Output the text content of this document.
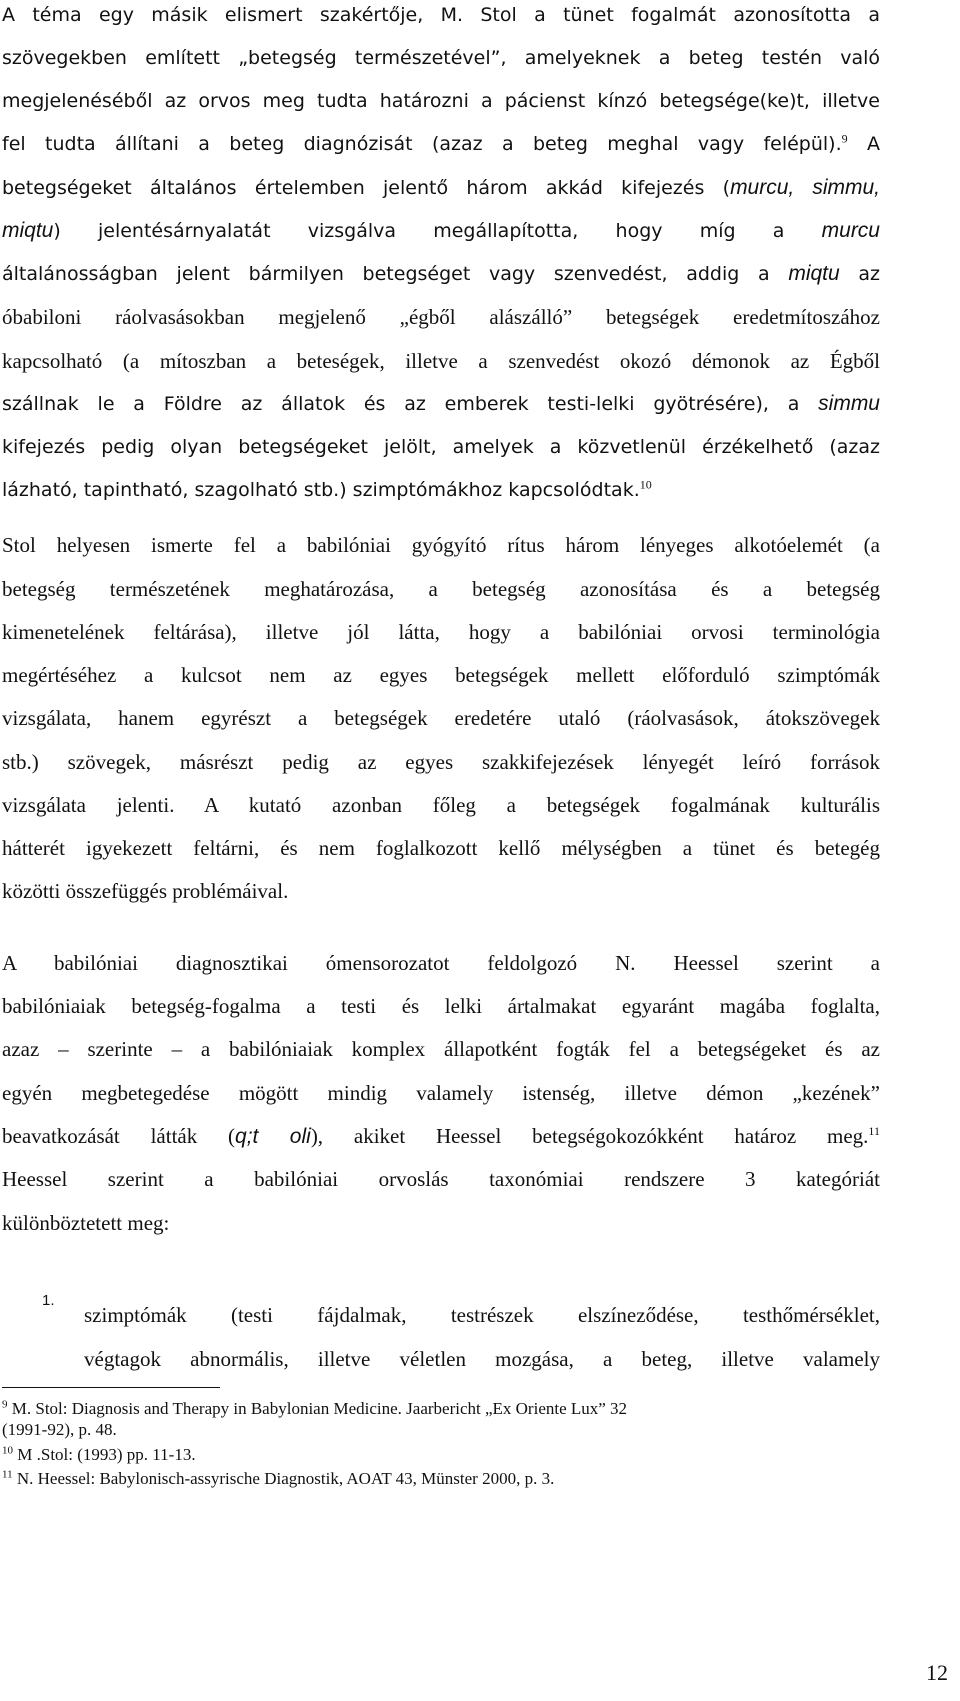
A téma egy másik elismert szakértője, M. Stol a tünet fogalmát azonosította a
szövegekben említett „betegség természetével”, amelyeknek a beteg testén való
megjelenéséből az orvos meg tudta határozni a pácienst kínzó betegsége(ke)t, illetve
fel tudta állítani a beteg diagnózisát (azaz a beteg meghal vagy felépül).$^9$ A
betegségeket általános értelemben jelentő három akkád kifejezés (murcu, simmu,
miqtu) jelentésárnyalatát vizsgálva megállapította, hogy míg a murcu
általánosságban jelent bármilyen betegséget vagy szenvedést, addig a miqtu az
óbabiloni ráolvasásokban megjelenő „égből alászálló” betegségek eredetmítoszához
kapcsolható (a mítoszban a beteségek, illetve a szenvedést okozó démonok az Égből
szállnak le a Földre az állatok és az emberek testi-lelki gyötrésére), a simmu
kifejezés pedig olyan betegségeket jelölt, amelyek a közvetlenül érzékelhető (azaz
lázható, tapintható, szagolható stb.) szimptómákhoz kapcsolódtak.$^{10}$
Stol helyesen ismerte fel a babilóniai gyógyító rítus három lényeges alkotóelemét (a
betegség természetének meghatározása, a betegség azonosítása és a betegség
kimenetelének feltárása), illetve jól látta, hogy a babilóniai orvosi terminológia
megértéséhez a kulcsot nem az egyes betegségek mellett előforduló szimptómák
vizsgálata, hanem egyrészt a betegségek eredetére utaló (ráolvasások, átokszövegek
stb.) szövegek, másrészt pedig az egyes szakkifejezések lényegét leíró források
vizsgálata jelenti. A kutató azonban főleg a betegségek fogalmának kulturális
hátterét igyekezett feltárni, és nem foglalkozott kellő mélységben a tünet és betegég
közötti összefüggés problémáival.
A babilóniai diagnosztikai ómensorozatot feldolgozó N. Heessel szerint a
babilóniaiak betegség-fogalma a testi és lelki ártalmakat egyaránt magába foglalta,
azaz – szerinte – a babilóniaiak komplex állapotként fogták fel a betegségeket és az
egyén megbetegedése mögött mindig valamely istenség, illetve démon „kezének”
beavatkozását látták (q;t oli), akiket Heessel betegségokozókként határoz meg.$^{11}$
Heessel szerint a babilóniai orvoslás taxonómiai rendszere 3 kategóriát
különböztetett meg:
1.
szimptómák (testi fájdalmak, testrészek elszíneződése, testhőmérséklet,
végtagok abnormális, illetve véletlen mozgása, a beteg, illetve valamely
$^9$ M. Stol: Diagnosis and Therapy in Babylonian Medicine. Jaarbericht „Ex Oriente Lux” 32
(1991-92), p. 48.
$^{10}$ M .Stol: (1993) pp. 11-13.
$^{11}$ N. Heessel: Babylonisch-assyrische Diagnostik, AOAT 43, Münster 2000, p. 3.
12
